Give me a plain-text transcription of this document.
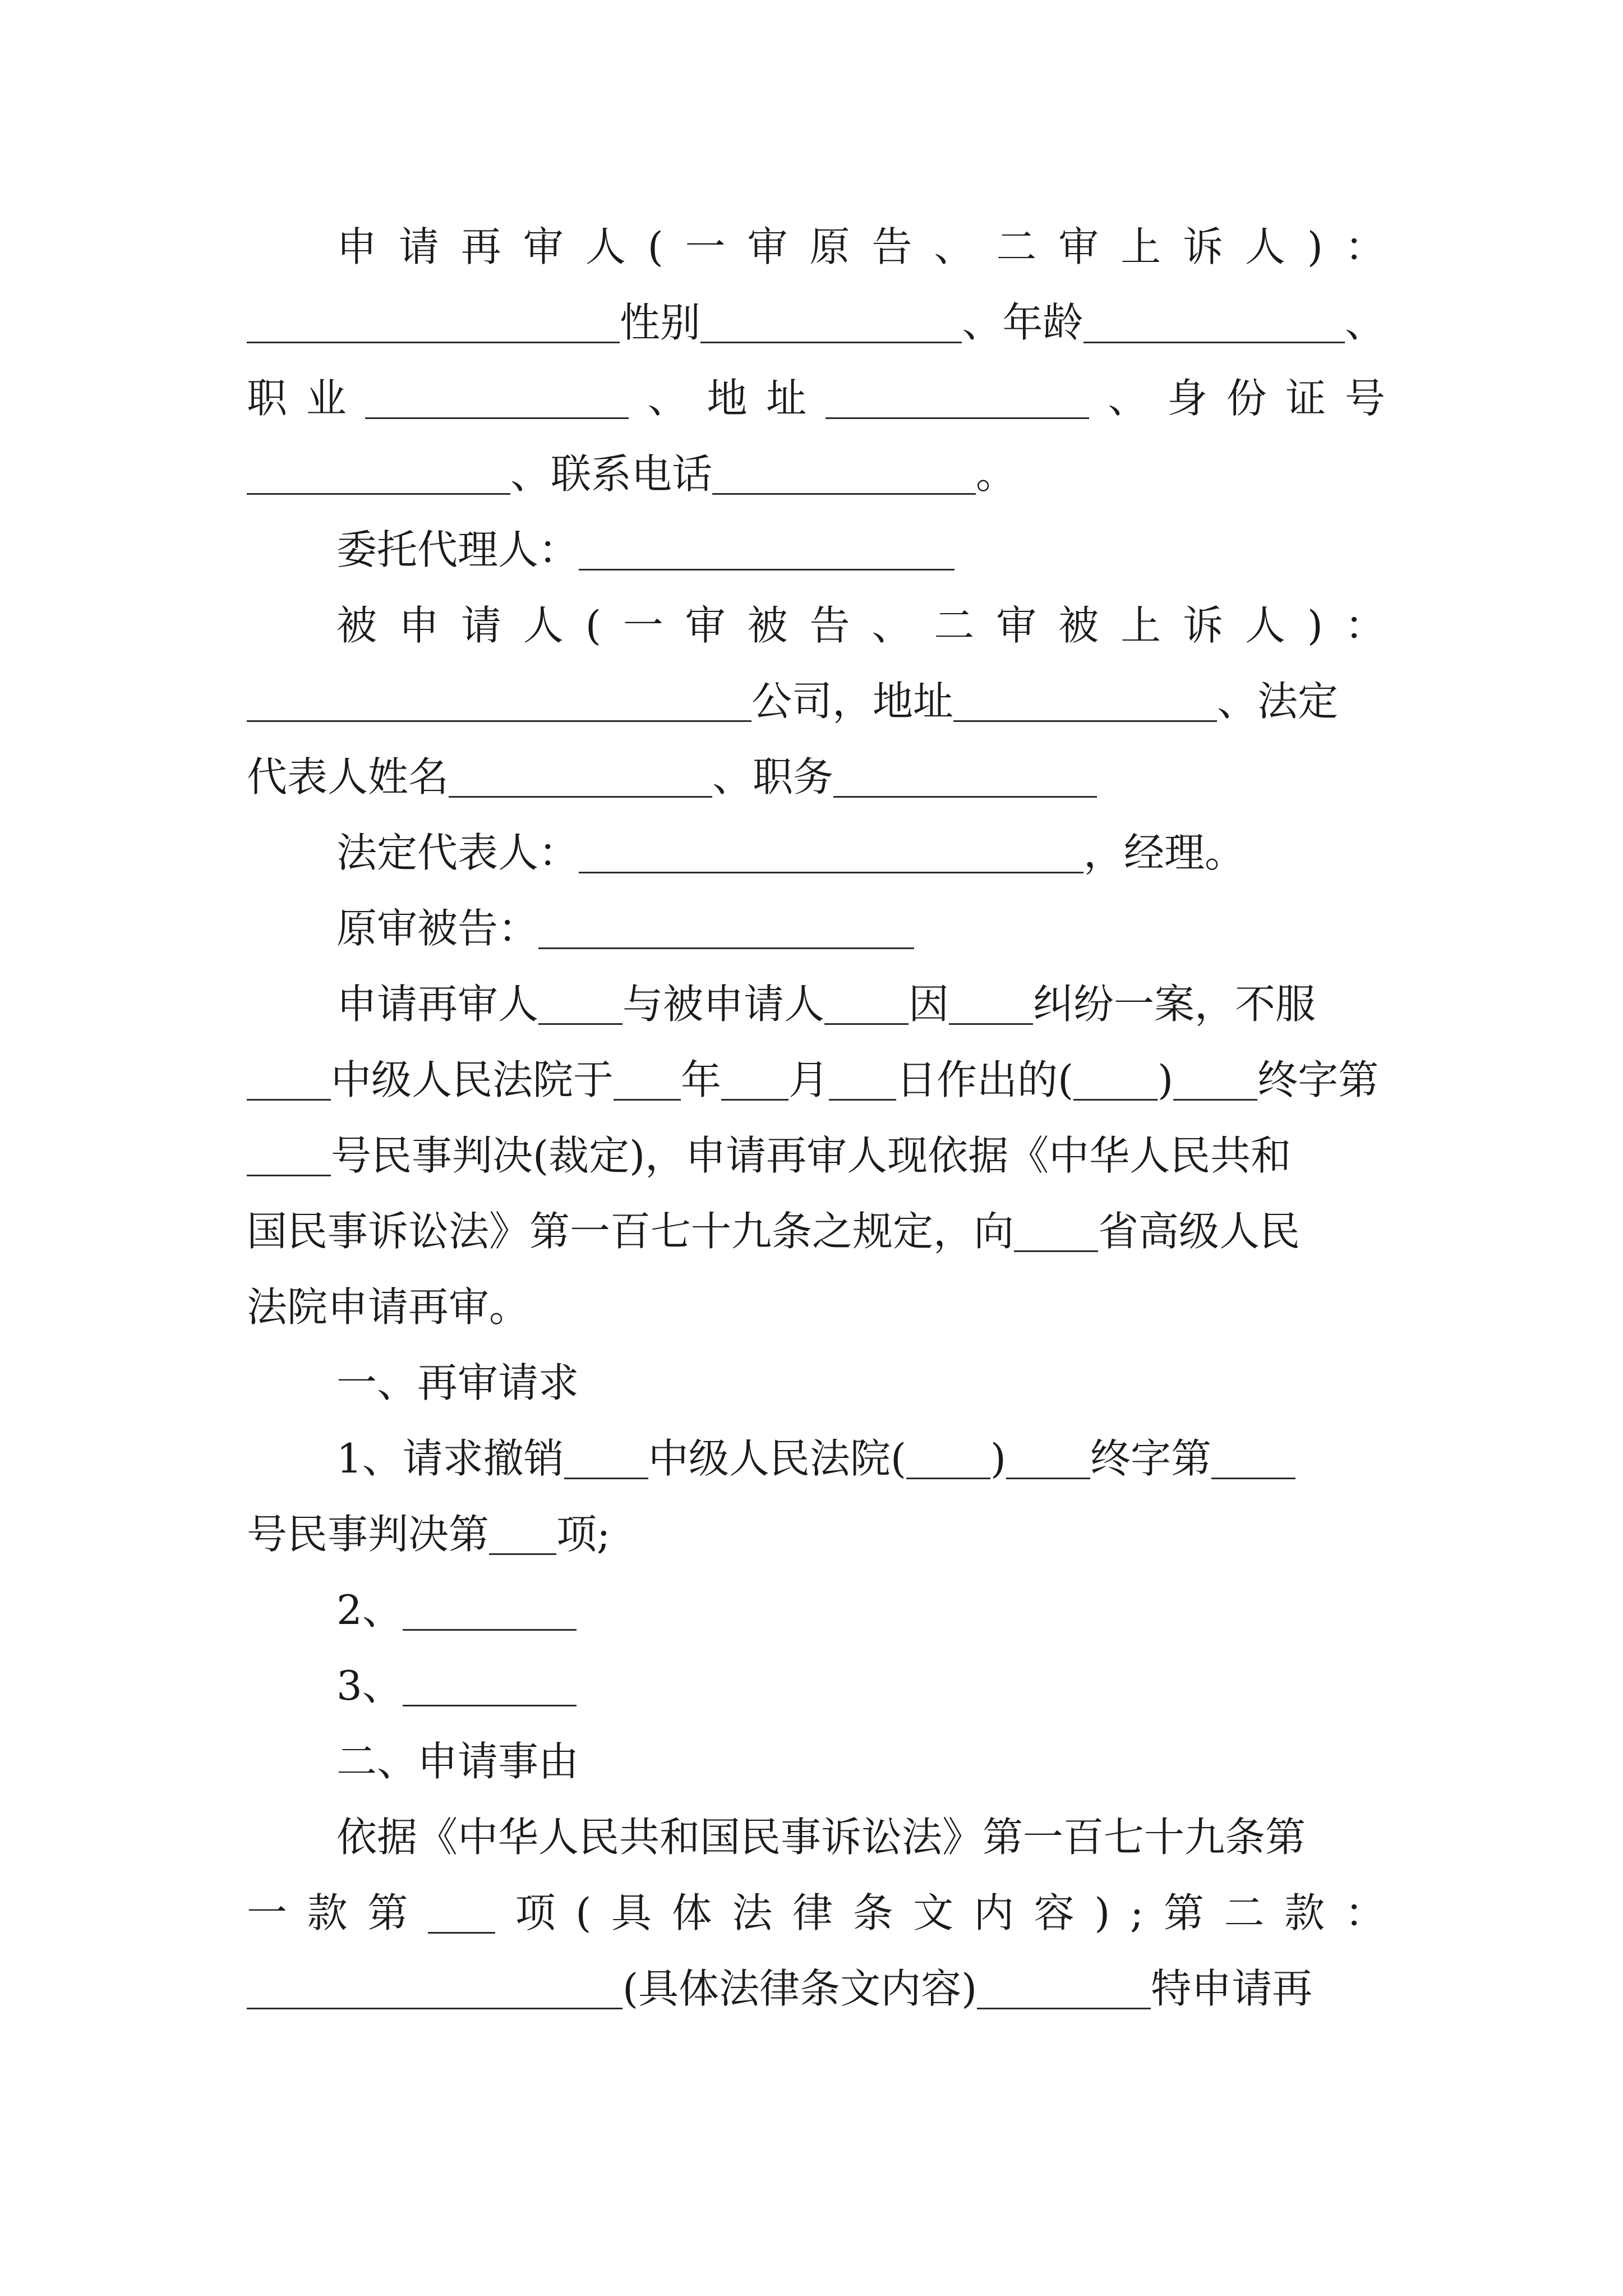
申 请 再 审 人 ( 一 审 原 告 、 二 审 上 诉 人 ) ：
性别	、年龄	、
职 业	、 地 址	、 身 份 证 号
、联系电话	。
委托代理人：
被 申 请 人 ( 一 审 被 告 、 二 审 被 上 诉 人 ) ：
公司，地址	、法定
代表人姓名	、职务
法定代表人：	，经理。
原审被告：
申请再审人 与被申请人 因 纠纷一案，不服
中级人民法院于 年 月 日作出的( ) 终字第
号民事判决(裁定)，申请再审人现依据《中华人民共 和
国民事诉讼法》第一百七十九条之规定，向 省高级人民
法院申请再审。
一、再审请求
1、请求撤销 中级人民法院( ) 终字第
号民事判决第 项;
2、
3、
二、申请事由
依据《中华人民共和国民事诉讼法》第一百七十九条第
一 款 第	项 ( 具 体 法 律 条 文 内 容 ) ; 第 二 款 ：
(具体法律条文内容)	特申请再
